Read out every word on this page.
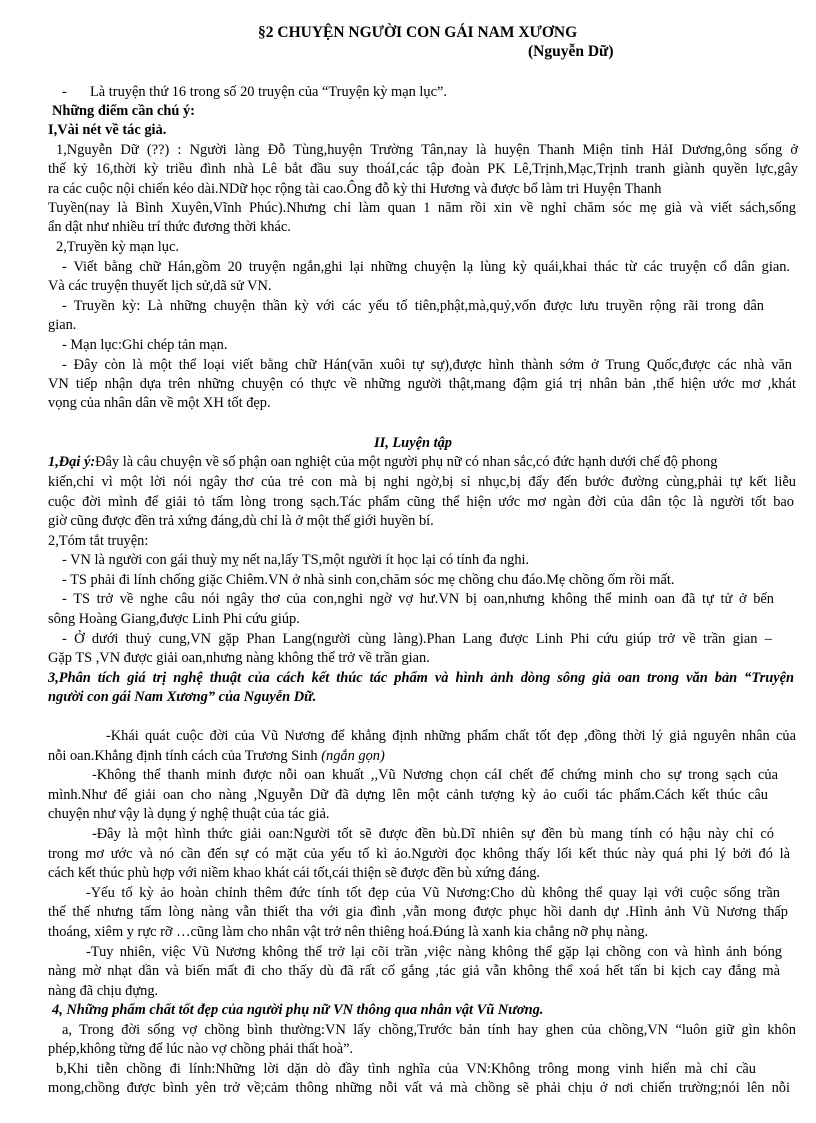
§2 CHUYỆN NGƯỜI CON GÁI NAM XƯƠNG
(Nguyễn Dữ)
- Là truyện thứ 16 trong số 20 truyện của “Truyện kỳ mạn lục”.
Những điểm cần chú ý:
I,Vài nét về tác giả.
1,Nguyễn Dữ (??) : Người làng Đỗ Tùng,huyện Trường Tân,nay là huyện Thanh Miện tỉnh HảI Dương,ông sống ở
thế kỷ 16,thời kỳ triều đình nhà Lê bắt đầu suy thoáI,các tập đoàn PK Lê,Trịnh,Mạc,Trịnh tranh giành quyền lực,gây
ra các cuộc nội chiến kéo dài.NDữ học rộng tài cao.Ông đỗ kỳ thi Hương và được bổ làm tri Huyện Thanh
Tuyền(nay là Bình Xuyên,Vĩnh Phúc).Nhưng chỉ làm quan 1 năm rồi xin về nghỉ chăm sóc mẹ già và viết sách,sống
ẩn dật như nhiều trí thức đương thời khác.
2,Truyền kỳ mạn lục.
- Viết bằng chữ Hán,gồm 20 truyện ngắn,ghi lại những chuyện lạ lùng kỳ quái,khai thác từ các truyện cổ dân gian.
Và các truyện thuyết lịch sử,dã sử VN.
- Truyền kỳ: Là những chuyện thần kỳ với các yếu tố tiên,phật,mà,quỷ,vốn được lưu truyền rộng rãi trong dân
gian.
- Mạn lục:Ghi chép tản mạn.
- Đây còn là một thể loại viết bằng chữ Hán(văn xuôi tự sự),được hình thành sớm ở Trung Quốc,được các nhà văn
VN tiếp nhận dựa trên những chuyện có thực về những người thật,mang đậm giá trị nhân bản ,thể hiện ước mơ ,khát
vọng của nhân dân về một XH tốt đẹp.
II, Luyện tập
1,Đại ý:Đây là câu chuyện về số phận oan nghiệt của một người phụ nữ có nhan sắc,có đức hạnh dưới chế độ phong
kiến,chỉ vì một lời nói ngây thơ của trẻ con mà bị nghi ngờ,bị sỉ nhục,bị đẩy đến bước đường cùng,phải tự kết liễu
cuộc đời mình để giải tỏ tấm lòng trong sạch.Tác phẩm cũng thể hiện ước mơ ngàn đời của dân tộc là người tốt bao
giờ cũng được đền trả xứng đáng,dù chỉ là ở một thế giới huyền bí.
2,Tóm tắt truyện:
- VN là người con gái thuỳ mỵ nết na,lấy TS,một người ít học lại có tính đa nghi.
- TS phải đi lính chống giặc Chiêm.VN ở nhà sinh con,chăm sóc mẹ chồng chu đáo.Mẹ chồng ốm rồi mất.
- TS trở về nghe câu nói ngây thơ của con,nghi ngờ vợ hư.VN bị oan,nhưng không thể minh oan đã tự tử ở bến
sông Hoàng Giang,được Linh Phi cứu giúp.
- Ở dưới thuỷ cung,VN gặp Phan Lang(người cùng làng).Phan Lang được Linh Phi cứu giúp trở về trần gian –
Gặp TS ,VN được giải oan,nhưng nàng không thể trở về trần gian.
3,Phân tích giá trị nghệ thuật của cách kết thúc tác phẩm và hình ảnh dòng sông giả oan trong văn bản “Truyện
người con gái Nam Xương” của Nguyễn Dữ.
-Khái quát cuộc đời của Vũ Nương để khẳng định những phẩm chất tốt đẹp ,đồng thời lý giả nguyên nhân của
nỗi oan.Khẳng định tính cách của Trương Sinh (ngắn gọn)
-Không thể thanh minh được nỗi oan khuất ,,Vũ Nương chọn cáI chết để chứng minh cho sự trong sạch của
mình.Như để giải oan cho nàng ,Nguyễn Dữ đã dựng lên một cảnh tượng kỳ ảo cuối tác phẩm.Cách kết thúc câu
chuyện như vậy là dụng ý nghệ thuật của tác giả.
-Đây là một hình thức giải oan:Người tốt sẽ được đền bù.Dĩ nhiên sự đền bù mang tính có hậu này chỉ có
trong mơ ước và nó cần đến sự có mặt của yếu tố kì ảo.Người đọc không thấy lối kết thúc này quá phi lý bởi đó là
cách kết thúc phù hợp với niềm khao khát cái tốt,cái thiện sẽ được đền bù xứng đáng.
-Yếu tố kỳ ảo hoàn chỉnh thêm đức tính tốt đẹp của Vũ Nương:Cho dù không thể quay lại với cuộc sống trần
thế thế nhưng tấm lòng nàng vẫn thiết tha với gia đình ,vẫn mong được phục hồi danh dự .Hình ảnh Vũ Nương thấp
thoáng, xiêm y rực rỡ …cũng làm cho nhân vật trở nên thiêng hoá.Đúng là xanh kia chẳng nỡ phụ nàng.
-Tuy nhiên, việc Vũ Nương không thể trở lại cõi trần ,việc nàng không thể gặp lại chồng con và hình ảnh bóng
nàng mờ nhạt dần và biến mất đi cho thấy dù đã rất cố gắng ,tác giả vẫn không thể xoá hết tấn bi kịch cay đắng mà
nàng đã chịu đựng.
4, Những phẩm chất tốt đẹp của người phụ nữ VN thông qua nhân vật Vũ Nương.
a, Trong đời sống vợ chồng bình thường:VN lấy chồng,Trước bản tính hay ghen của chồng,VN “luôn giữ gìn khôn
phép,không từng để lúc nào vợ chồng phải thất hoà”.
b,Khi tiễn chồng đi lính:Những lời dặn dò đầy tình nghĩa của VN:Không trông mong vinh hiển mà chỉ cầu
mong,chồng được bình yên trở về;cảm thông những nỗi vất vả mà chồng sẽ phải chịu ở nơi chiến trường;nói lên nỗi
